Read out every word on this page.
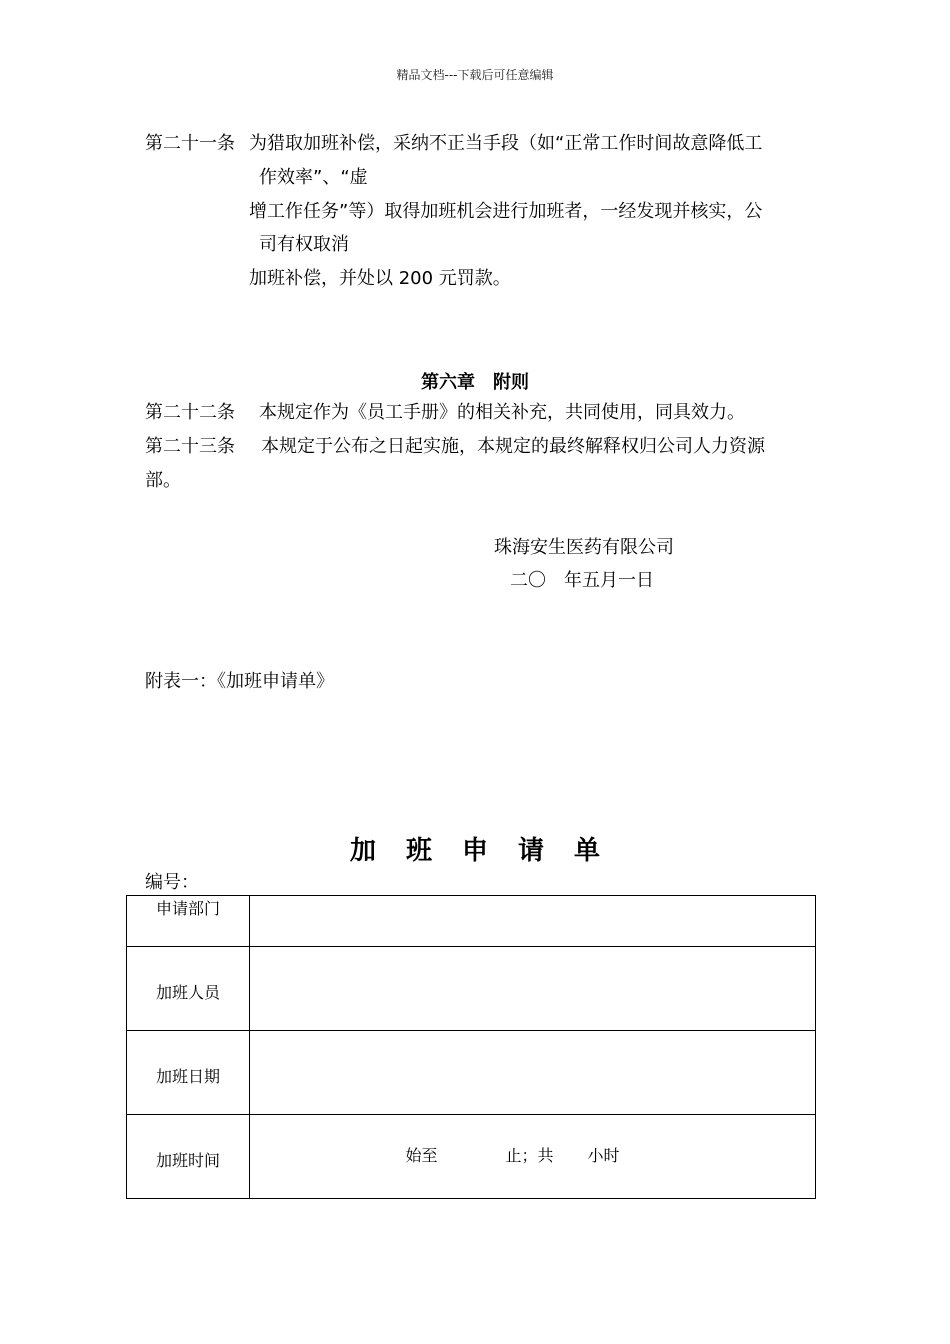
精品文档---下载后可任意编辑
第二十一条 为猎取加班补偿，采纳不正当手段（如“正常工作时间故意降低工
作效率”、“虚
增工作任务”等）取得加班机会进行加班者，一经发现并核实，公
司有权取消
加班补偿，并处以 200 元罚款。
第六章　附则
第二十二条 本规定作为《员工手册》的相关补充，共同使用，同具效力。
第二十三条 本规定于公布之日起实施，本规定的最终解释权归公司人力资源
部。
珠海安生医药有限公司
二〇　年五月一日
附表一：《加班申请单》
加班申请单
编号：
申请部门	
加班人员	
加班日期	
加班时间	始至 止；共 小时
